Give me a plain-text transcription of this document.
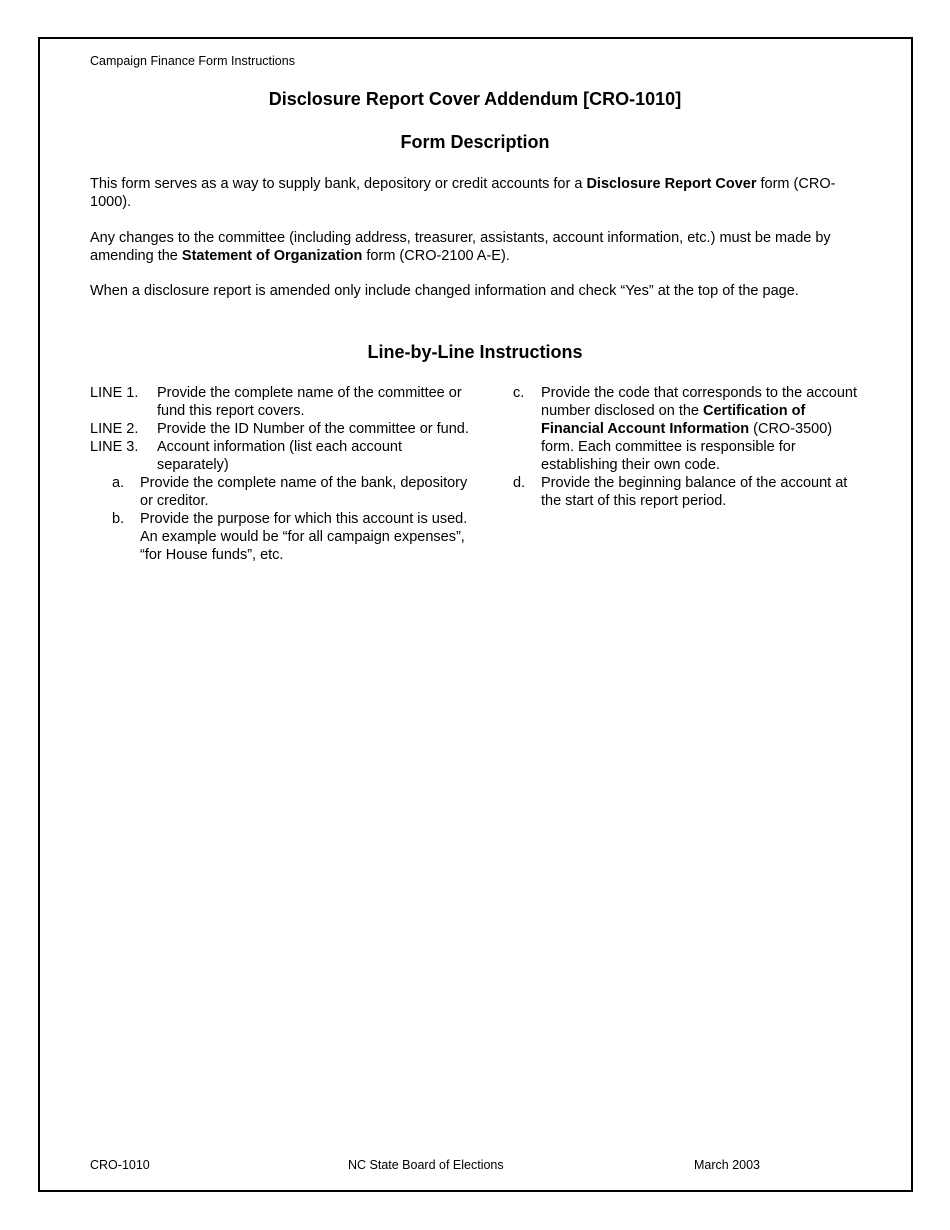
Campaign Finance Form Instructions
Disclosure Report Cover Addendum [CRO-1010]
Form Description
This form serves as a way to supply bank, depository or credit accounts for a Disclosure Report Cover form (CRO-1000).
Any changes to the committee (including address, treasurer, assistants, account information, etc.) must be made by amending the Statement of Organization form (CRO-2100 A-E).
When a disclosure report is amended only include changed information and check “Yes” at the top of the page.
Line-by-Line Instructions
LINE 1.	Provide the complete name of the committee or fund this report covers.
LINE 2.	Provide the ID Number of the committee or fund.
LINE 3.	Account information (list each account separately)
a.	Provide the complete name of the bank, depository or creditor.
b.	Provide the purpose for which this account is used. An example would be “for all campaign expenses”, “for House funds”, etc.
c.	Provide the code that corresponds to the account number disclosed on the Certification of Financial Account Information (CRO-3500) form. Each committee is responsible for establishing their own code.
d.	Provide the beginning balance of the account at the start of this report period.
CRO-1010	NC State Board of Elections	March 2003
